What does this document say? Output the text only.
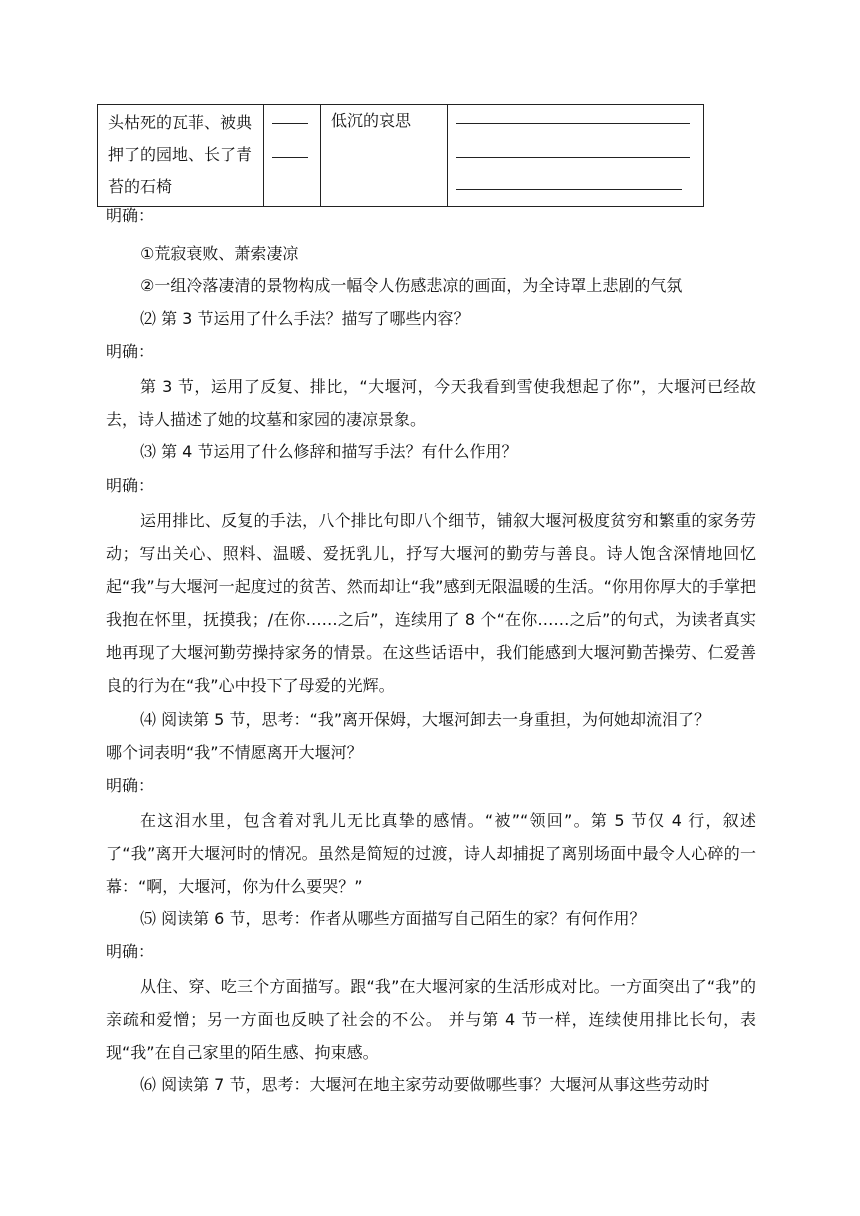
头枯死的瓦菲、被典押了的园地、长了青苔的石椅
低沉的哀思
明确：
①荒寂衰败、萧索凄凉
②一组冷落凄清的景物构成一幅令人伤感悲凉的画面，为全诗罩上悲剧的气氛
⑵ 第 3 节运用了什么手法？描写了哪些内容？
明确：
第 3 节，运用了反复、排比，“大堰河，今天我看到雪使我想起了你”，大堰河已经故去，诗人描述了她的坟墓和家园的凄凉景象。
⑶ 第 4 节运用了什么修辞和描写手法？有什么作用？
明确：
运用排比、反复的手法，八个排比句即八个细节，铺叙大堰河极度贫穷和繁重的家务劳动；写出关心、照料、温暖、爱抚乳儿，抒写大堰河的勤劳与善良。诗人饱含深情地回忆起“我”与大堰河一起度过的贫苦、然而却让“我”感到无限温暖的生活。“你用你厚大的手掌把我抱在怀里，抚摸我；/在你……之后”，连续用了 8 个“在你……之后”的句式，为读者真实地再现了大堰河勤劳操持家务的情景。在这些话语中，我们能感到大堰河勤苦操劳、仁爱善良的行为在“我”心中投下了母爱的光辉。
⑷ 阅读第 5 节，思考：“我”离开保姆，大堰河卸去一身重担，为何她却流泪了？
哪个词表明“我”不情愿离开大堰河？
明确：
在这泪水里，包含着对乳儿无比真挚的感情。“被”“领回”。第 5 节仅 4 行，叙述了“我”离开大堰河时的情况。虽然是简短的过渡，诗人却捕捉了离别场面中最令人心碎的一幕：“啊，大堰河，你为什么要哭？”
⑸ 阅读第 6 节，思考：作者从哪些方面描写自己陌生的家？有何作用？
明确：
从住、穿、吃三个方面描写。跟“我”在大堰河家的生活形成对比。一方面突出了“我”的亲疏和爱憎；另一方面也反映了社会的不公。 并与第 4 节一样，连续使用排比长句，表现“我”在自己家里的陌生感、拘束感。
⑹ 阅读第 7 节，思考：大堰河在地主家劳动要做哪些事？大堰河从事这些劳动时
